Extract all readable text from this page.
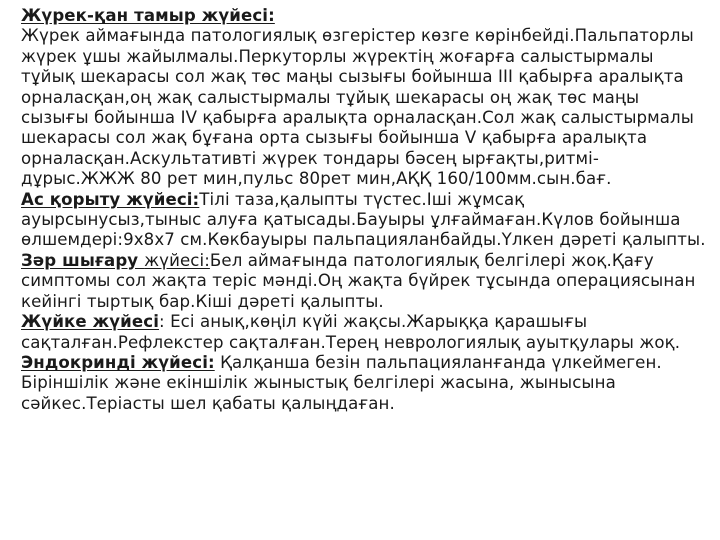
Жүрек-қан тамыр жүйесі:
Жүрек аймағында патологиялық өзгерістер көзге көрінбейді.Пальпаторлы жүрек ұшы жайылмалы.Перкуторлы жүректің жоғарға салыстырмалы тұйық шекарасы сол жақ төс маңы сызығы бойынша III қабырға аралықта орналасқан,оң жақ салыстырмалы тұйық шекарасы оң жақ төс маңы сызығы бойынша IV қабырға аралықта орналасқан.Сол жақ салыстырмалы шекарасы сол жақ бұғана орта сызығы бойынша V қабырға аралықта орналасқан.Аскультативті жүрек тондары бәсең ырғақты,ритмі-дұрыс.ЖЖЖ 80 рет мин,пульс 80рет мин,АҚҚ 160/100мм.сын.бағ.

Ас қорыту жүйесі:Тілі таза,қалыпты түстес.Іші жұмсақ ауырсынусыз,тыныс алуға қатысады.Бауыры ұлғаймаған.Күлов бойынша өлшемдері:9х8х7 см.Көкбауыры пальпацияланбайды.Үлкен дәреті қалыпты.

Зәр шығару жүйесі:Бел аймағында патологиялық белгілері жоқ.Қағу симптомы сол жақта теріс мәнді.Оң жақта бүйрек тұсында операциясынан кейінгі тыртық бар.Кіші дәреті қалыпты.

Жүйке жүйесі: Есі анық,көңіл күйі жақсы.Жарыққа қарашығы сақталған.Рефлекстер сақталған.Терең неврологиялық ауытқулары жоқ.

Эндокринді жүйесі: Қалқанша безін пальпацияланғанда үлкеймеген. Біріншілік және екіншілік жыныстық белгілері жасына, жыныcына сәйкес.Теріасты шел қабаты қалыңдаған.
